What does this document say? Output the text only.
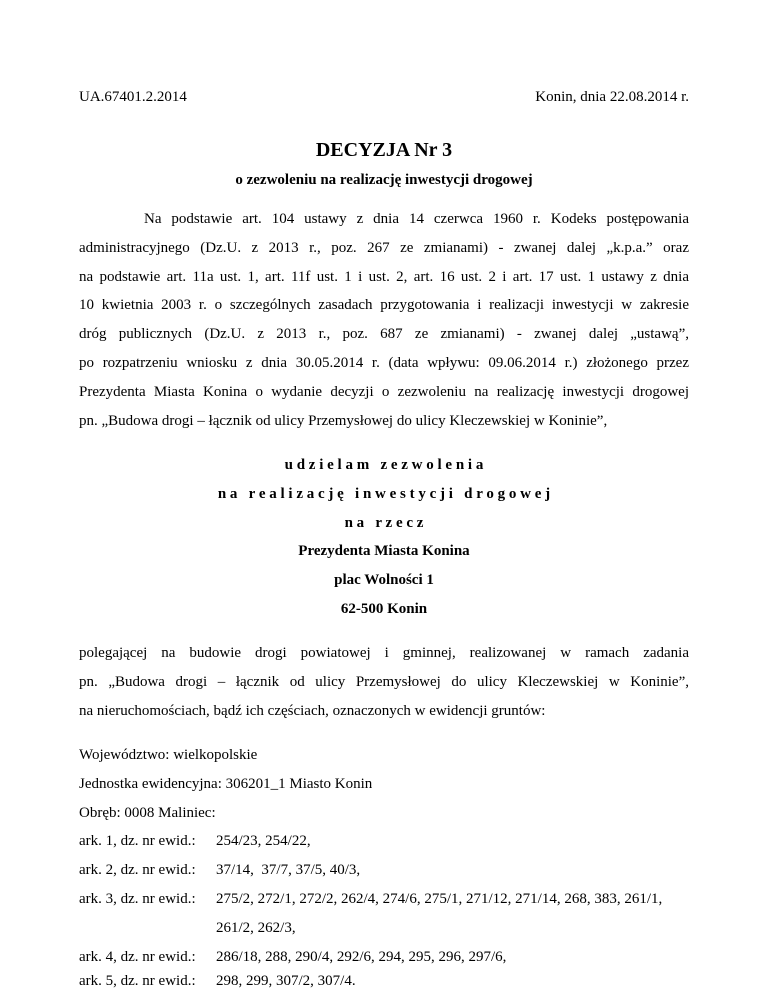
UA.67401.2.2014	Konin, dnia 22.08.2014 r.
DECYZJA Nr 3
o zezwoleniu na realizację inwestycji drogowej
Na podstawie art. 104 ustawy z dnia 14 czerwca 1960 r. Kodeks postępowania
administracyjnego (Dz.U. z 2013 r., poz. 267 ze zmianami) - zwanej dalej „k.p.a.” oraz
na podstawie art. 11a ust. 1, art. 11f ust. 1 i ust. 2, art. 16 ust. 2 i art. 17 ust. 1 ustawy z dnia
10 kwietnia 2003 r. o szczególnych zasadach przygotowania i realizacji inwestycji w zakresie
dróg publicznych (Dz.U. z 2013 r., poz. 687 ze zmianami) - zwanej dalej „ustawą”,
po rozpatrzeniu wniosku z dnia 30.05.2014 r. (data wpływu: 09.06.2014 r.) złożonego przez
Prezydenta Miasta Konina o wydanie decyzji o zezwoleniu na realizację inwestycji drogowej
pn. „Budowa drogi – łącznik od ulicy Przemysłowej do ulicy Kleczewskiej w Koninie”,
u d z i e l a m   z e z w o l e n i a
n a   r e a l i z a c j ę   i n w e s t y c j i   d r o g o w e j
n a   r z e c z
Prezydenta Miasta Konina
plac Wolności 1
62-500 Konin
polegającej na budowie drogi powiatowej i gminnej, realizowanej w ramach zadania
pn. „Budowa drogi – łącznik od ulicy Przemysłowej do ulicy Kleczewskiej w Koninie”,
na nieruchomościach, bądź ich częściach, oznaczonych w ewidencji gruntów:
Województwo: wielkopolskie
Jednostka ewidencyjna: 306201_1 Miasto Konin
Obręb: 0008 Maliniec:
ark. 1, dz. nr ewid.: 254/23, 254/22,
ark. 2, dz. nr ewid.: 37/14,  37/7, 37/5, 40/3,
ark. 3, dz. nr ewid.: 275/2, 272/1, 272/2, 262/4, 274/6, 275/1, 271/12, 271/14, 268, 383, 261/1,
261/2, 262/3,
ark. 4, dz. nr ewid.: 286/18, 288, 290/4, 292/6, 294, 295, 296, 297/6,
ark. 5, dz. nr ewid.: 298, 299, 307/2, 307/4.
